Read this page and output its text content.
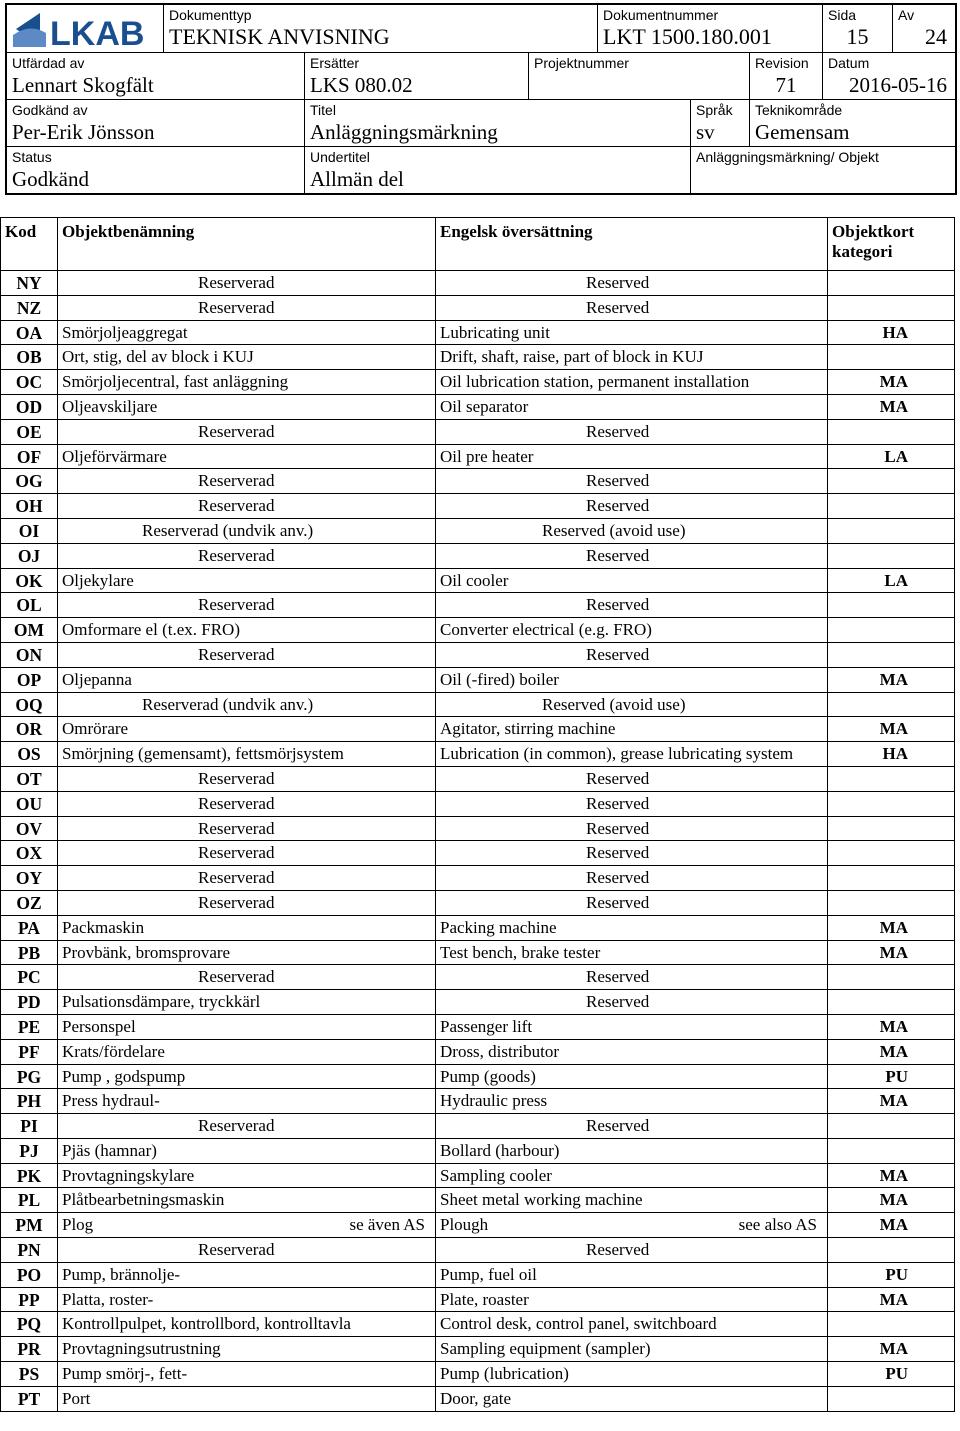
LKAB Dokumenttyp
TEKNISK ANVISNING
Dokumentnummer
LKT 1500.180.001
Sida
15
Av
24
Utfärdad av
Lennart Skogfält
Ersätter
LKS 080.02
Projektnummer	Revision
71
Datum
2016-05-16
Godkänd av
Per-Erik Jönsson
Titel
Anläggningsmärkning
Språk
sv
Teknikområde
Gemensam
Status
Godkänd
Undertitel
Allmän del
Anläggningsmärkning/ Objekt
Kod	Objektbenämning	Engelsk översättning	Objektkort
kategori

NY	Reserverad	Reserved	
NZ	Reserverad	Reserved	
OA	Smörjoljeaggregat	Lubricating unit	HA
OB	Ort, stig, del av block i KUJ	Drift, shaft, raise, part of block in KUJ	
OC	Smörjoljecentral, fast anläggning	Oil lubrication station, permanent installation	MA
OD	Oljeavskiljare	Oil separator	MA
OE	Reserverad	Reserved	
OF	Oljeförvärmare	Oil pre heater	LA
OG	Reserverad	Reserved	
OH	Reserverad	Reserved	
OI	Reserverad (undvik anv.)	Reserved (avoid use)	
OJ	Reserverad	Reserved	
OK	Oljekylare	Oil cooler	LA
OL	Reserverad	Reserved	
OM	Omformare el (t.ex. FRO)	Converter electrical (e.g. FRO)	
ON	Reserverad	Reserved	
OP	Oljepanna	Oil (-fired) boiler	MA
OQ	Reserverad (undvik anv.)	Reserved (avoid use)	
OR	Omrörare	Agitator, stirring machine	MA
OS	Smörjning (gemensamt), fettsmörjsystem	Lubrication (in common), grease lubricating system	HA
OT	Reserverad	Reserved	
OU	Reserverad	Reserved	
OV	Reserverad	Reserved	
OX	Reserverad	Reserved	
OY	Reserverad	Reserved	
OZ	Reserverad	Reserved	
PA	Packmaskin	Packing machine	MA
PB	Provbänk, bromsprovare	Test bench, brake tester	MA
PC	Reserverad	Reserved	
PD	Pulsationsdämpare, tryckkärl	Reserved	
PE	Personspel	Passenger lift	MA
PF	Krats/fördelare	Dross, distributor	MA
PG	Pump , godspump	Pump (goods)	PU
PH	Press hydraul-	Hydraulic press	MA
PI	Reserverad	Reserved	
PJ	Pjäs (hamnar)	Bollard (harbour)	
PK	Provtagningskylare	Sampling cooler	MA
PL	Plåtbearbetningsmaskin	Sheet metal working machine	MA
PM	Plog se även AS	Plough see also AS	MA
PN	Reserverad	Reserved	
PO	Pump, brännolje-	Pump, fuel oil	PU
PP	Platta, roster-	Plate, roaster	MA
PQ	Kontrollpulpet, kontrollbord, kontrolltavla	Control desk, control panel, switchboard	
PR	Provtagningsutrustning	Sampling equipment (sampler)	MA
PS	Pump smörj-, fett-	Pump (lubrication)	PU
PT	Port	Door, gate	
